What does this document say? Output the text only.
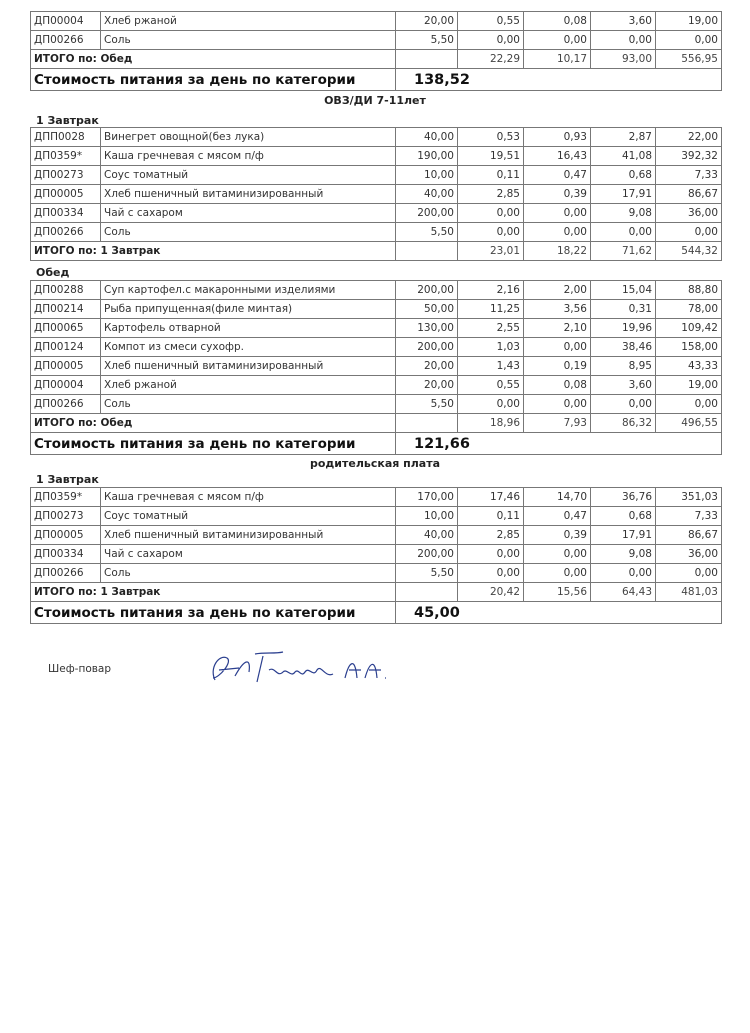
ДП00004	Хлеб ржаной	20,00	0,55	0,08	3,60	19,00
ДП00266	Соль	5,50	0,00	0,00	0,00	0,00
ИТОГО по: Обед			22,29	10,17	93,00	556,95
Стоимость питания за день по категории		138,52				
ОВЗ/ДИ 7-11лет
1 Завтрак
ДПП0028	Винегрет овощной(без лука)	40,00	0,53	0,93	2,87	22,00
ДП0359*	Каша гречневая с мясом п/ф	190,00	19,51	16,43	41,08	392,32
ДП00273	Соус томатный	10,00	0,11	0,47	0,68	7,33
ДП00005	Хлеб пшеничный витаминизированный	40,00	2,85	0,39	17,91	86,67
ДП00334	Чай с сахаром	200,00	0,00	0,00	9,08	36,00
ДП00266	Соль	5,50	0,00	0,00	0,00	0,00
ИТОГО по: 1 Завтрак			23,01	18,22	71,62	544,32
Обед
ДП00288	Суп картофел.с макаронными изделиями	200,00	2,16	2,00	15,04	88,80
ДП00214	Рыба припущенная(филе минтая)	50,00	11,25	3,56	0,31	78,00
ДП00065	Картофель отварной	130,00	2,55	2,10	19,96	109,42
ДП00124	Компот из смеси сухофр.	200,00	1,03	0,00	38,46	158,00
ДП00005	Хлеб пшеничный витаминизированный	20,00	1,43	0,19	8,95	43,33
ДП00004	Хлеб ржаной	20,00	0,55	0,08	3,60	19,00
ДП00266	Соль	5,50	0,00	0,00	0,00	0,00
ИТОГО по: Обед			18,96	7,93	86,32	496,55
Стоимость питания за день по категории		121,66				
родительская плата
1 Завтрак
ДП0359*	Каша гречневая с мясом п/ф	170,00	17,46	14,70	36,76	351,03
ДП00273	Соус томатный	10,00	0,11	0,47	0,68	7,33
ДП00005	Хлеб пшеничный витаминизированный	40,00	2,85	0,39	17,91	86,67
ДП00334	Чай с сахаром	200,00	0,00	0,00	9,08	36,00
ДП00266	Соль	5,50	0,00	0,00	0,00	0,00
ИТОГО по: 1 Завтрак			20,42	15,56	64,43	481,03
Стоимость питания за день по категории		45,00				
Шеф-повар
